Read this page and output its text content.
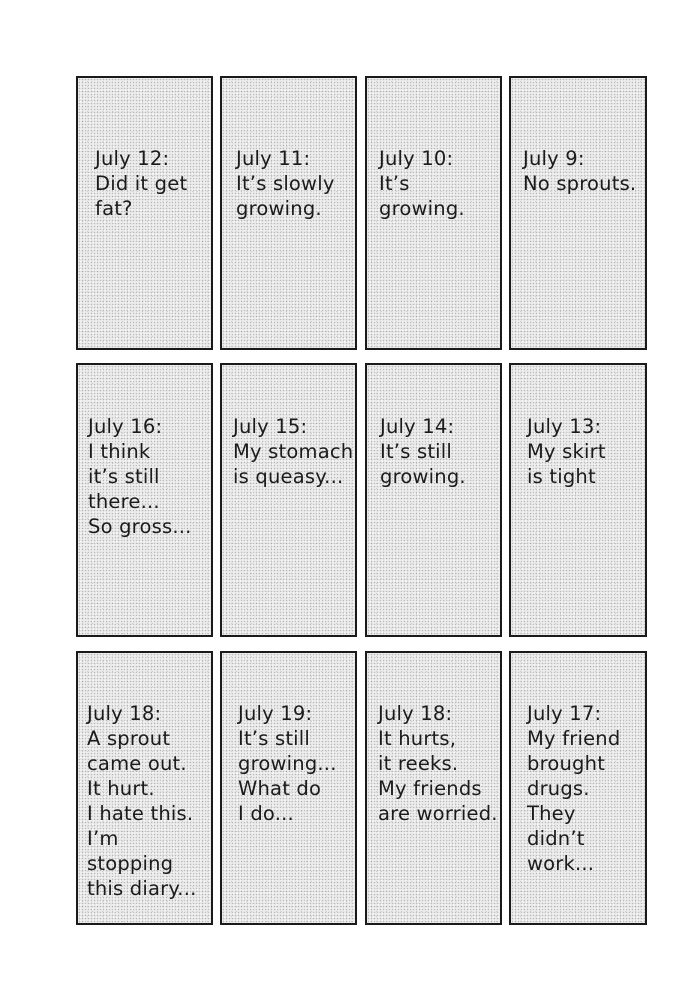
July 12:
Did it get
fat?

July 11:
It’s slowly
growing.

July 10:
It’s
growing.

July 9:
No sprouts.

July 16:
I think
it’s still
there...
So gross...

July 15:
My stomach
is queasy...

July 14:
It’s still
growing.

July 13:
My skirt
is tight

July 18:
A sprout
came out.
It hurt.
I hate this.
I’m stopping
this diary...

July 19:
It’s still
growing...
What do
I do...

July 18:
It hurts,
it reeks.
My friends
are worried.

July 17:
My friend
brought
drugs.
They
didn’t
work...
